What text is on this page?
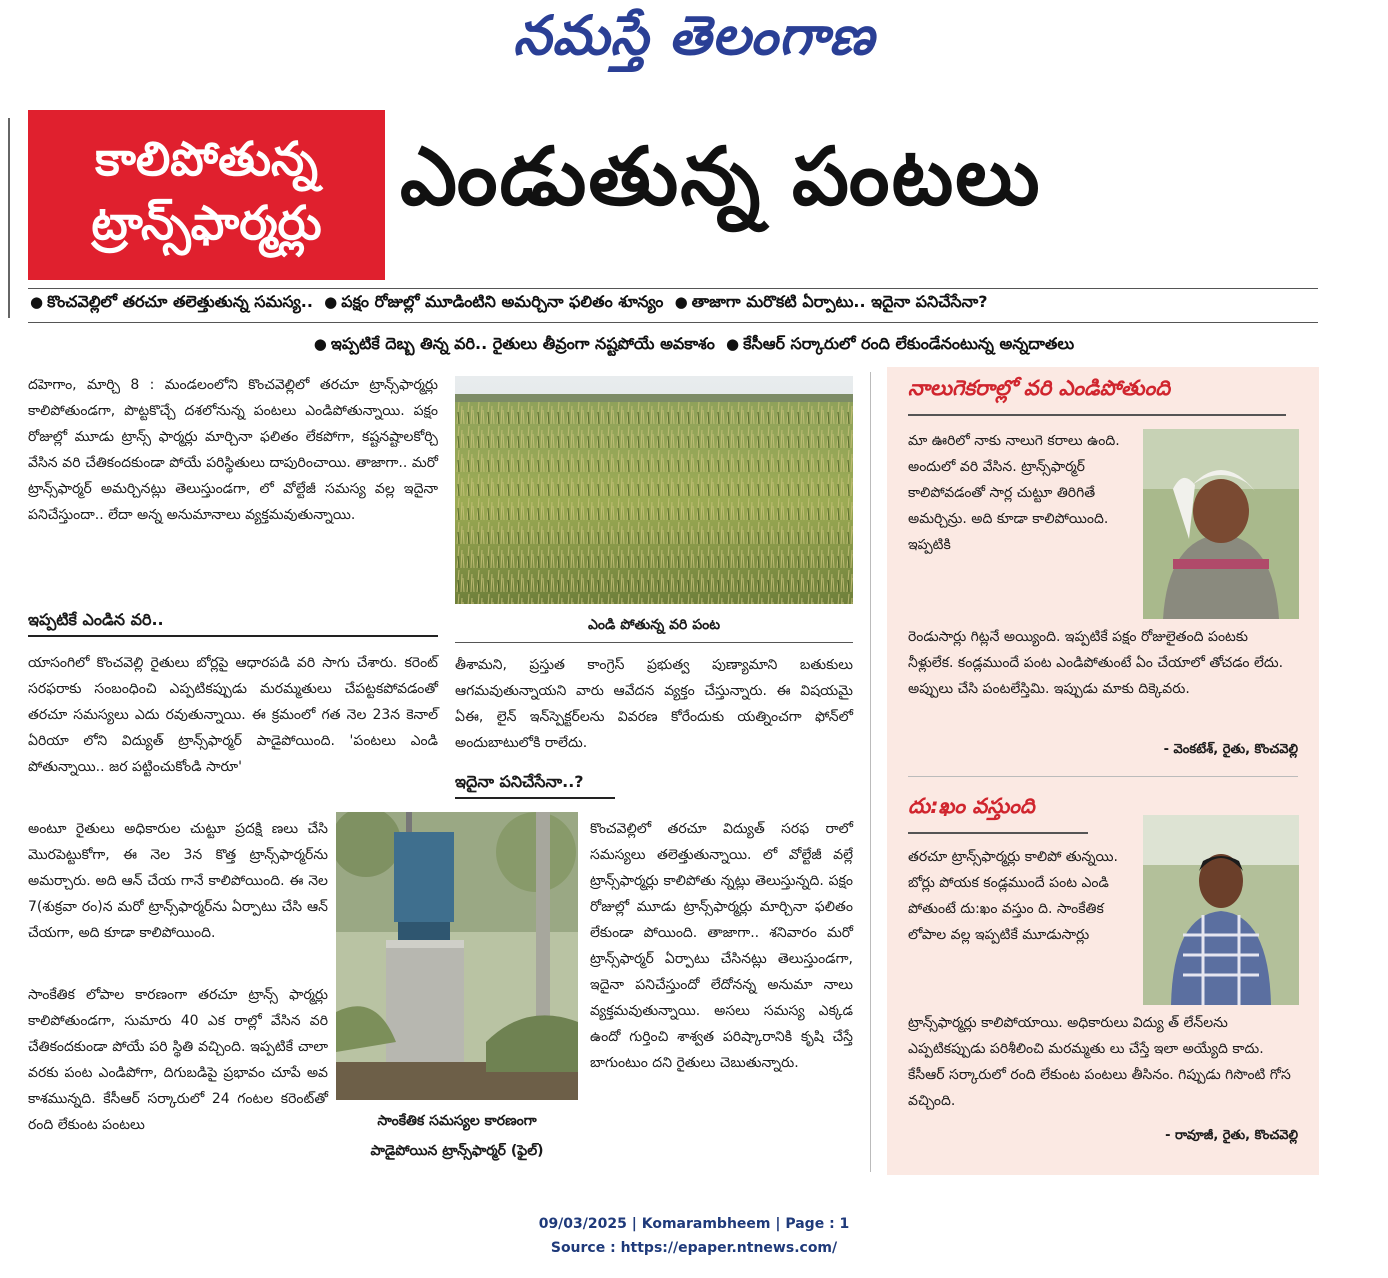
నమస్తే తెలంగాణ
కాలిపోతున్న
ట్రాన్స్‌ఫార్మర్లు
ఎండుతున్న పంటలు
● కొంచవెల్లిలో తరచూ తలెత్తుతున్న సమస్య.. ● పక్షం రోజుల్లో మూడింటిని అమర్చినా ఫలితం శూన్యం ● తాజాగా మరొకటి ఏర్పాటు.. ఇదైనా పనిచేసేనా?
● ఇప్పటికే దెబ్బ తిన్న వరి.. రైతులు తీవ్రంగా నష్టపోయే అవకాశం ● కేసీఆర్ సర్కారులో రంది లేకుండేనంటున్న అన్నదాతలు

దహెగాం, మార్చి 8 : మండలంలోని కొంచవెల్లిలో తరచూ ట్రాన్స్‌ఫార్మర్లు కాలిపోతుండగా, పొట్టకొచ్చే దశలోనున్న పంటలు ఎండిపోతున్నాయి. పక్షం రోజుల్లో మూడు ట్రాన్స్ ఫార్మర్లు మార్చినా ఫలితం లేకపోగా, కష్టనష్టాలకోర్చి వేసిన వరి చేతికందకుండా పోయే పరిస్థితులు దాపురించాయి. తాజాగా.. మరో ట్రాన్స్‌ఫార్మర్ అమర్చినట్లు తెలుస్తుండగా, లో వోల్టేజీ సమస్య వల్ల ఇదైనా పనిచేస్తుందా.. లేదా అన్న అనుమానాలు వ్యక్తమవుతున్నాయి.

ఇప్పటికే ఎండిన వరి..
యాసంగిలో కొంచవెల్లి రైతులు బోర్లపై ఆధారపడి వరి సాగు చేశారు. కరెంట్ సరఫరాకు సంబంధించి ఎప్పటికప్పుడు మరమ్మతులు చేపట్టకపోవడంతో తరచూ సమస్యలు ఎదు రవుతున్నాయి. ఈ క్రమంలో గత నెల 23న కెనాల్ ఏరియా లోని విద్యుత్ ట్రాన్స్‌ఫార్మర్ పాడైపోయింది. 'పంటలు ఎండి పోతున్నాయి.. జర పట్టించుకోండి సారూ'
అంటూ రైతులు అధికారుల చుట్టూ ప్రదక్షి ణలు చేసి మొరపెట్టుకోగా, ఈ నెల 3న కొత్త ట్రాన్స్‌ఫార్మర్‌ను అమర్చారు. అది ఆన్ చేయ గానే కాలిపోయింది. ఈ నెల 7(శుక్రవా రం)న మరో ట్రాన్స్‌ఫార్మర్‌ను ఏర్పాటు చేసి ఆన్ చేయగా, అది కూడా కాలిపోయింది.
సాంకేతిక లోపాల కారణంగా తరచూ ట్రాన్స్ ఫార్మర్లు కాలిపోతుండగా, సుమారు 40 ఎక రాల్లో వేసిన వరి చేతికందకుండా పోయే పరి స్థితి వచ్చింది. ఇప్పటికే చాలా వరకు పంట ఎండిపోగా, దిగుబడిపై ప్రభావం చూపే అవ కాశమున్నది. కేసీఆర్ సర్కారులో 24 గంటల కరెంట్‌తో రంది లేకుంట పంటలు
ఎండి పోతున్న వరి పంట
తీశామని, ప్రస్తుత కాంగ్రెస్ ప్రభుత్వ పుణ్యామాని బతుకులు ఆగమవుతున్నాయని వారు ఆవేదన వ్యక్తం చేస్తున్నారు. ఈ విషయమై ఏఈ, లైన్ ఇన్‌స్పెక్టర్‌లను వివరణ కోరేందుకు యత్నించగా ఫోన్‌లో అందుబాటులోకి రాలేదు.
ఇదైనా పనిచేసేనా..?
కొంచవెల్లిలో తరచూ విద్యుత్ సరఫ రాలో సమస్యలు తలెత్తుతున్నాయి. లో వోల్టేజీ వల్లే ట్రాన్స్‌ఫార్మర్లు కాలిపోతు న్నట్లు తెలుస్తున్నది. పక్షం రోజుల్లో మూడు ట్రాన్స్‌ఫార్మర్లు మార్చినా ఫలితం లేకుండా పోయింది. తాజాగా.. శనివారం మరో ట్రాన్స్‌ఫార్మర్ ఏర్పాటు చేసినట్లు తెలుస్తుండగా, ఇదైనా పనిచేస్తుందో లేదోనన్న అనుమా నాలు వ్యక్తమవుతున్నాయి. అసలు సమస్య ఎక్కడ ఉందో గుర్తించి శాశ్వత పరిష్కారానికి కృషి చేస్తే బాగుంటుం దని రైతులు చెబుతున్నారు.
సాంకేతిక సమస్యల కారణంగా
పాడైపోయిన ట్రాన్స్‌ఫార్మర్ (ఫైల్)
నాలుగెకరాల్లో వరి ఎండిపోతుంది
మా ఊరిలో నాకు నాలుగె కరాలు ఉంది. అందులో వరి వేసిన. ట్రాన్స్‌ఫార్మర్ కాలిపోవడంతో సార్ల చుట్టూ తిరిగితే అమర్చిన్రు. అది కూడా కాలిపోయింది. ఇప్పటికి
రెండుసార్లు గిట్లనే అయ్యింది. ఇప్పటికే పక్షం రోజులైతంది పంటకు నీళ్లులేక. కండ్లముందే పంట ఎండిపోతుంటే ఏం చేయాలో తోచడం లేదు. అప్పులు చేసి పంటలేస్తిమి. ఇప్పుడు మాకు దిక్కెవరు.
- వెంకటేశ్, రైతు, కొంచవెల్లి
దు:ఖం వస్తుంది
తరచూ ట్రాన్స్‌ఫార్మర్లు కాలిపో తున్నయి. బోర్లు పోయక కండ్లముందే పంట ఎండి పోతుంటే దు:ఖం వస్తుం ది. సాంకేతిక లోపాల వల్ల ఇప్పటికే మూడుసార్లు
ట్రాన్స్‌ఫార్మర్లు కాలిపోయాయి. అధికారులు విద్యు త్ లేన్‌లను ఎప్పటికప్పుడు పరిశీలించి మరమ్మతు లు చేస్తే ఇలా అయ్యేది కాదు. కేసీఆర్ సర్కారులో రంది లేకుంట పంటలు తీసినం. గిప్పుడు గిసొంటి గోస వచ్చింది.
- రావూజీ, రైతు, కొంచవెల్లి
09/03/2025 | Komarambheem | Page : 1
Source : https://epaper.ntnews.com/
